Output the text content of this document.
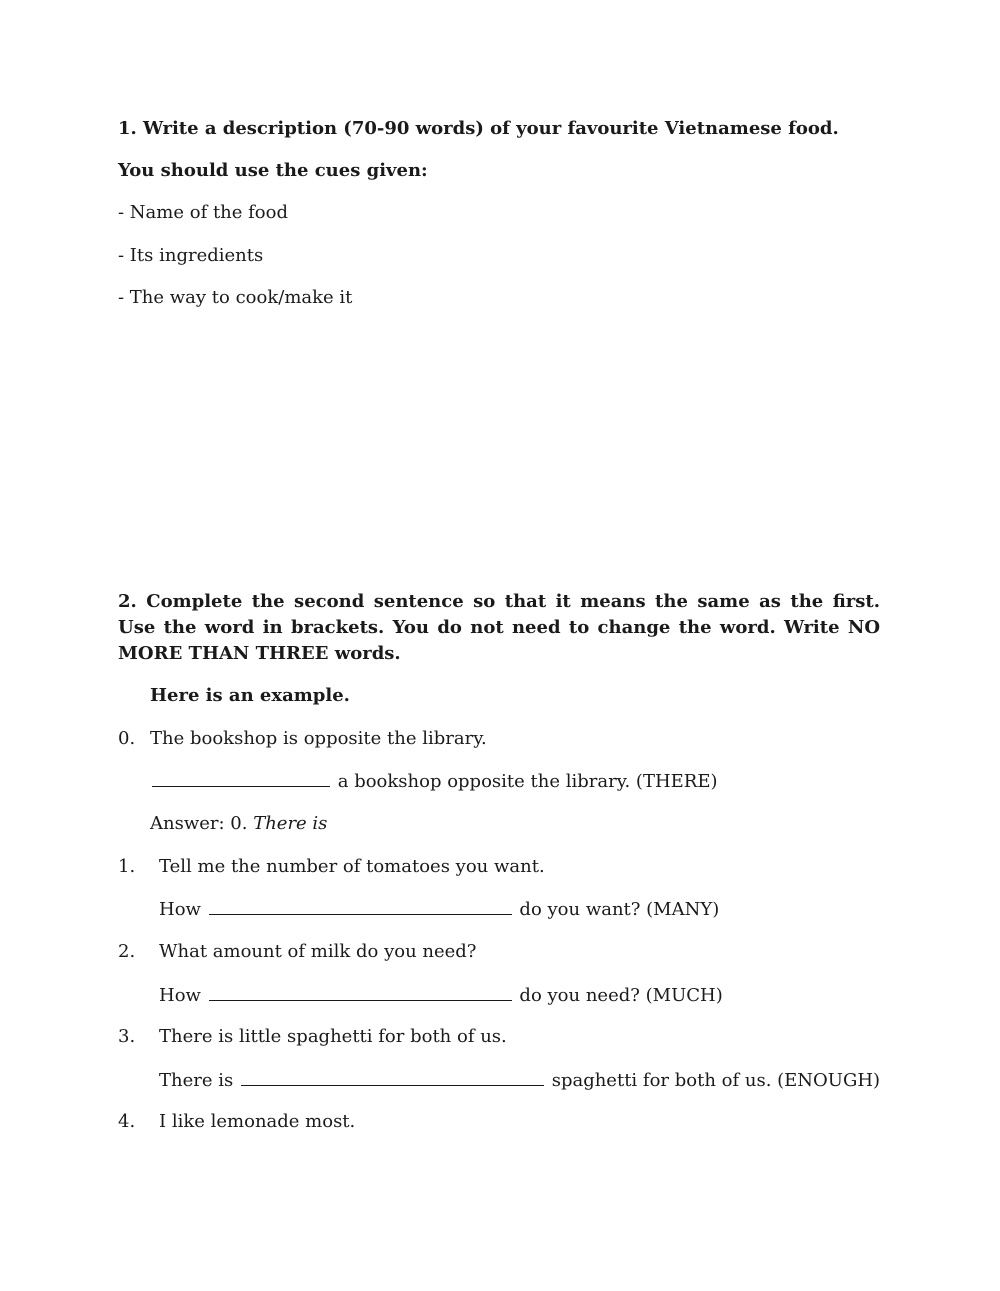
1. Write a description (70-90 words) of your favourite Vietnamese food.
You should use the cues given:
- Name of the food
- Its ingredients
- The way to cook/make it
2. Complete the second sentence so that it means the same as the first. Use the word in brackets. You do not need to change the word. Write NO MORE THAN THREE words.
Here is an example.
0. The bookshop is opposite the library.
a bookshop opposite the library. (THERE)
Answer: 0. There is
1. Tell me the number of tomatoes you want.
How	do you want? (MANY)
2. What amount of milk do you need?
How	do you need? (MUCH)
3. There is little spaghetti for both of us.
There is	spaghetti for both of us. (ENOUGH)
4. I like lemonade most.
